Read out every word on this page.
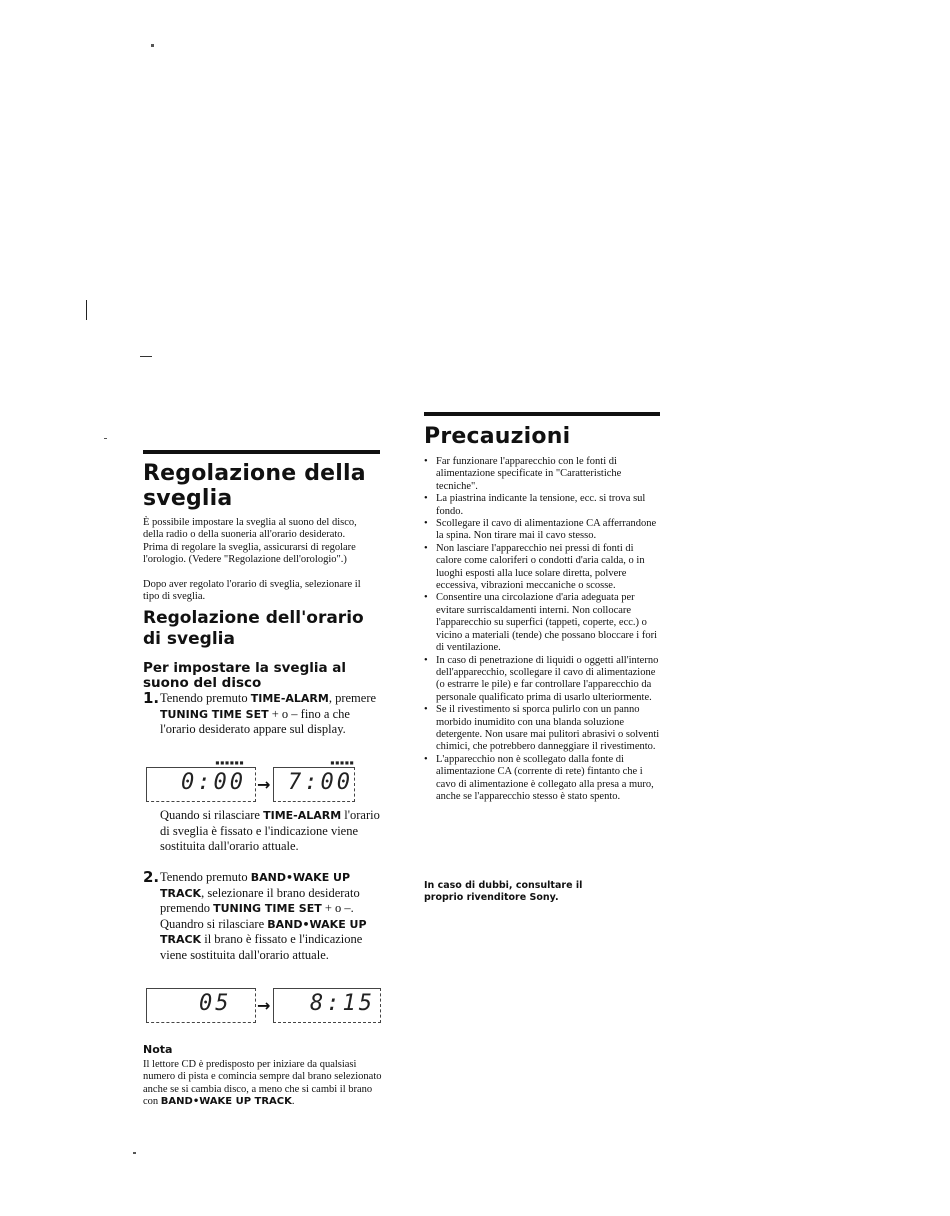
Regolazione della sveglia

È possibile impostare la sveglia al suono del disco, della radio o della suoneria all'orario desiderato. Prima di regolare la sveglia, assicurarsi di regolare l'orologio. (Vedere "Regolazione dell'orologio".)

Dopo aver regolato l'orario di sveglia, selezionare il tipo di sveglia.

Regolazione dell'orario di sveglia
Per impostare la sveglia al suono del disco
1. Tenendo premuto TIME-ALARM, premere TUNING TIME SET + o – fino a che l'orario desiderato appare sul display.

▪▪▪▪▪▪
0:00 →
▪▪▪▪▪
7:00

Quando si rilasciare TIME-ALARM l'orario di sveglia è fissato e l'indicazione viene sostituita dall'orario attuale.

2. Tenendo premuto BAND•WAKE UP TRACK, selezionare il brano desiderato premendo TUNING TIME SET + o –. Quandro si rilasciare BAND•WAKE UP TRACK il brano è fissato e l'indicazione viene sostituita dall'orario attuale.

05 → 8:15

Nota

Il lettore CD è predisposto per iniziare da qualsiasi numero di pista e comincia sempre dal brano selezionato anche se si cambia disco, a meno che si cambi il brano con BAND•WAKE UP TRACK.

Precauzioni
• Far funzionare l'apparecchio con le fonti di alimentazione specificate in "Caratteristiche tecniche".
• La piastrina indicante la tensione, ecc. si trova sul fondo.
• Scollegare il cavo di alimentazione CA afferrandone la spina. Non tirare mai il cavo stesso.
• Non lasciare l'apparecchio nei pressi di fonti di calore come caloriferi o condotti d'aria calda, o in luoghi esposti alla luce solare diretta, polvere eccessiva, vibrazioni meccaniche o scosse.
• Consentire una circolazione d'aria adeguata per evitare surriscaldamenti interni. Non collocare l'apparecchio su superfici (tappeti, coperte, ecc.) o vicino a materiali (tende) che possano bloccare i fori di ventilazione.
• In caso di penetrazione di liquidi o oggetti all'interno dell'apparecchio, scollegare il cavo di alimentazione (o estrarre le pile) e far controllare l'apparecchio da personale qualificato prima di usarlo ulteriormente.
• Se il rivestimento si sporca pulirlo con un panno morbido inumidito con una blanda soluzione detergente. Non usare mai pulitori abrasivi o solventi chimici, che potrebbero danneggiare il rivestimento.
• L'apparecchio non è scollegato dalla fonte di alimentazione CA (corrente di rete) fintanto che i cavo di alimentazione è collegato alla presa a muro, anche se l'apparecchio stesso è stato spento.

In caso di dubbi, consultare il proprio rivenditore Sony.
